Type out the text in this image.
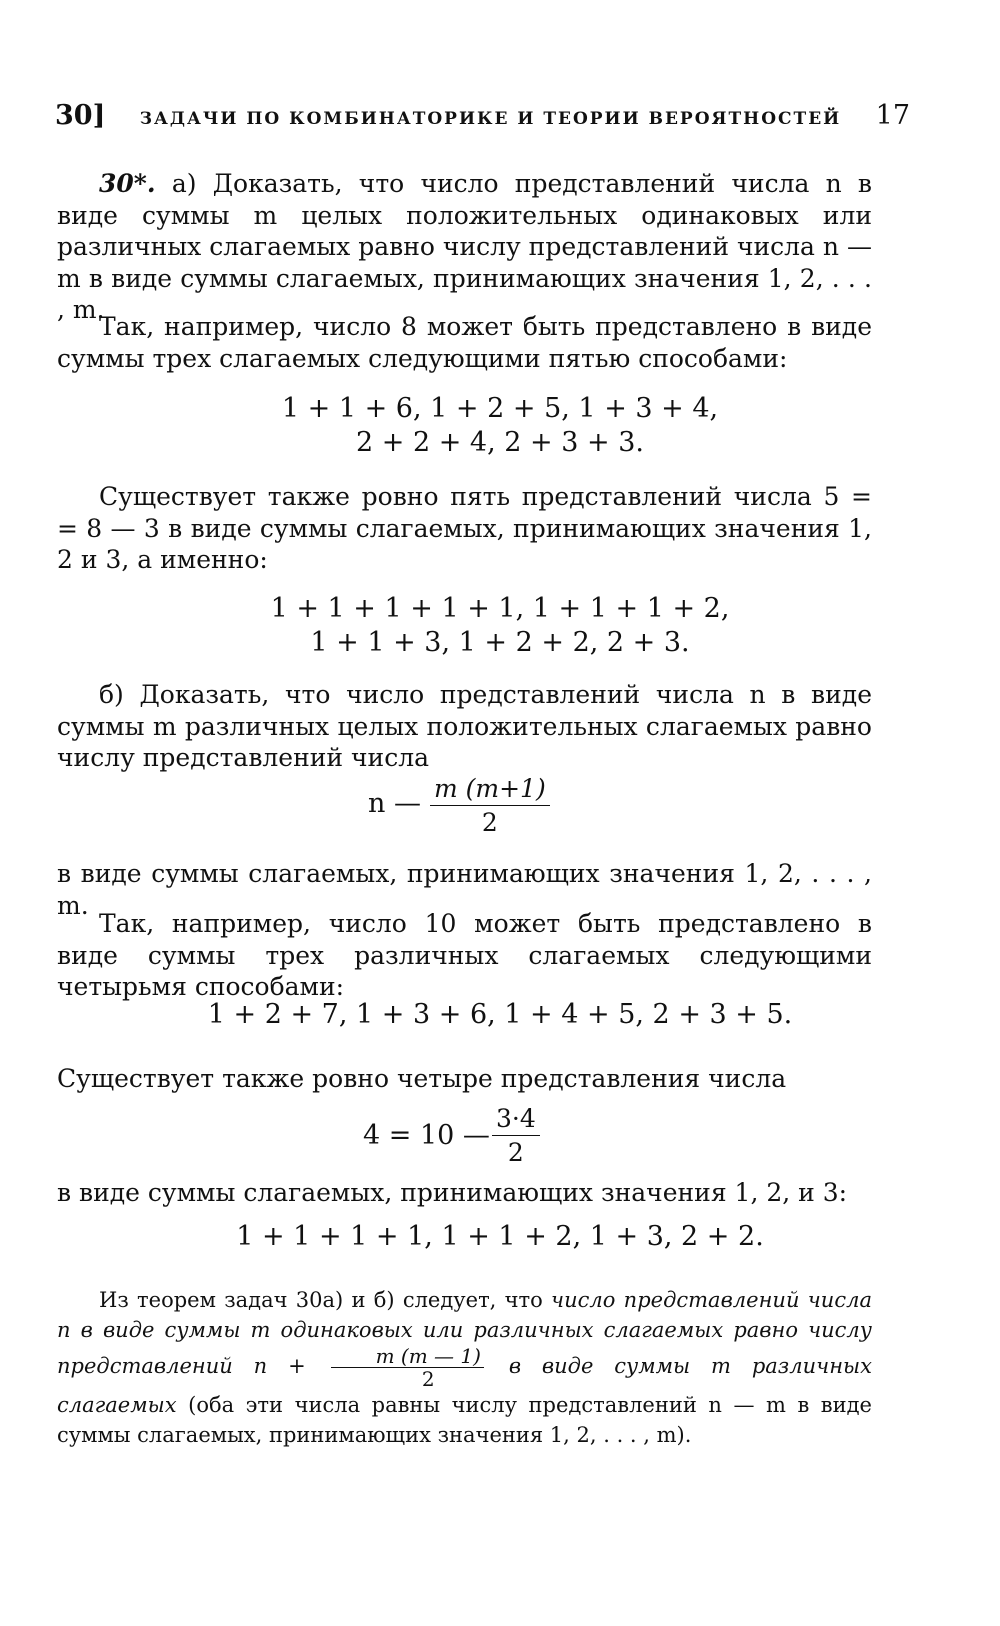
30] ЗАДАЧИ ПО КОМБИНАТОРИКЕ И ТЕОРИИ ВЕРОЯТНОСТЕЙ 17
30*. а) Доказать, что число представлений числа n в виде суммы m целых положительных одинаковых или различных слагаемых равно числу представлений числа n — m в виде суммы слагаемых, принимающих значения 1, 2, . . . , m.
Так, например, число 8 может быть представлено в виде суммы трех слагаемых следующими пятью способами:
1 + 1 + 6, 1 + 2 + 5, 1 + 3 + 4,
2 + 2 + 4, 2 + 3 + 3.
Существует также ровно пять представлений числа 5 = = 8 — 3 в виде суммы слагаемых, принимающих значения 1, 2 и 3, а именно:
1 + 1 + 1 + 1 + 1, 1 + 1 + 1 + 2,
1 + 1 + 3, 1 + 2 + 2, 2 + 3.
б) Доказать, что число представлений числа n в виде суммы m различных целых положительных слагаемых равно числу представлений числа
n — $\frac{m (m+1)}{2}$
в виде суммы слагаемых, принимающих значения 1, 2, . . . , m.
Так, например, число 10 может быть представлено в виде суммы трех различных слагаемых следующими четырьмя способами:
1 + 2 + 7, 1 + 3 + 6, 1 + 4 + 5, 2 + 3 + 5.
Существует также ровно четыре представления числа
4 = 10 — $\frac{3\cdot 4}{2}$
в виде суммы слагаемых, принимающих значения 1, 2, и 3:
1 + 1 + 1 + 1, 1 + 1 + 2, 1 + 3, 2 + 2.
Из теорем задач 30а) и б) следует, что число представлений числа n в виде суммы m одинаковых или различных слагаемых равно числу представлений $n + \frac{m (m — 1)}{2}$ в виде суммы m различных слагаемых (оба эти числа равны числу представлений n — m в виде суммы слагаемых, принимающих значения 1, 2, . . . , m).
